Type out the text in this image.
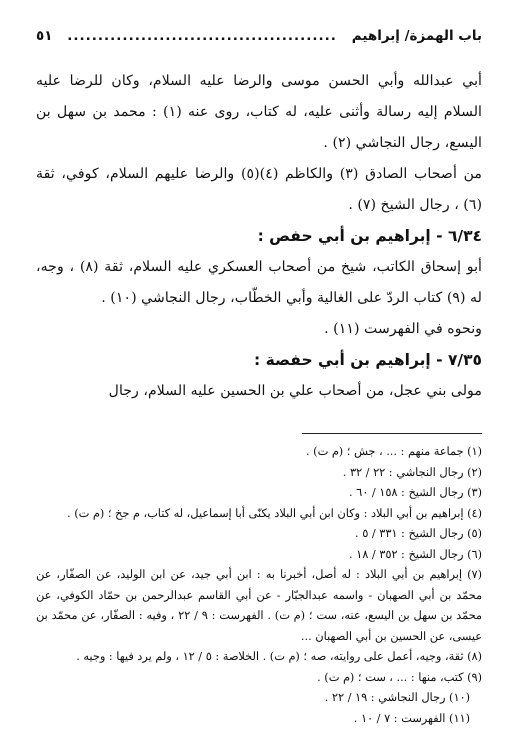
باب الهمزة/ إبراهيم
............................................
٥١

أبي عبدالله وأبي الحسن موسى والرضا عليه السلام، وكان للرضا عليه السلام إليه رسالة وأثنى عليه، له كتاب، روى عنه (١) : محمد بن سهل بن اليسع، رجال النجاشي (٢) .

من أصحاب الصادق (٣) والكاظم (٤)(٥) والرضا عليهم السلام، كوفي، ثقة (٦) ، رجال الشيخ (٧) .

٦/٣٤ - إبراهيم بن أبي حفص :

أبو إسحاق الكاتب، شيخ من أصحاب العسكري عليه السلام، ثقة (٨) ، وجه، له (٩) كتاب الردّ على الغالية وأبي الخطّاب، رجال النجاشي (١٠) .

ونحوه في الفهرست (١١) .

٧/٣٥ - إبراهيم بن أبي حفصة :

مولى بني عجل، من أصحاب علي بن الحسين عليه السلام، رجال

(١) جماعة منهم : ... ، جش ؛ (م ت) .

(٢) رجال النجاشي : ٢٢ / ٣٢ .

(٣) رجال الشيخ : ١٥٨ / ٦٠ .

(٤) إبراهيم بن أبي البلاد : وكان ابن أبي البلاد يكنّى أبا إسماعيل، له كتاب، م جخ ؛ (م ت) .

(٥) رجال الشيخ : ٣٣١ / ٥ .

(٦) رجال الشيخ : ٣٥٢ / ١٨ .

(٧) إبراهيم بن أبي البلاد : له أصل، أخبرنا به : ابن أبي جيد، عن ابن الوليد، عن الصفّار، عن محمّد بن أبي الصهبان - واسمه عبدالجبّار - عن أبي القاسم عبدالرحمن بن حمّاد الكوفي، عن محمّد بن سهل بن اليسع، عنه، ست ؛ (م ت) . الفهرست : ٩ / ٢٢ ، وفيه : الصفّار، عن محمّد بن عيسى، عن الحسين بن أبي الصهبان ...

(٨) ثقة، وجيه، أعمل على روايته، صه ؛ (م ت) . الخلاصة : ٥ / ١٢ ، ولم يرد فيها : وجيه .

(٩) كتب، منها : ... ، ست ؛ (م ت) .

(١٠) رجال النجاشي : ١٩ / ٢٢ .

(١١) الفهرست : ٧ / ١٠ .
